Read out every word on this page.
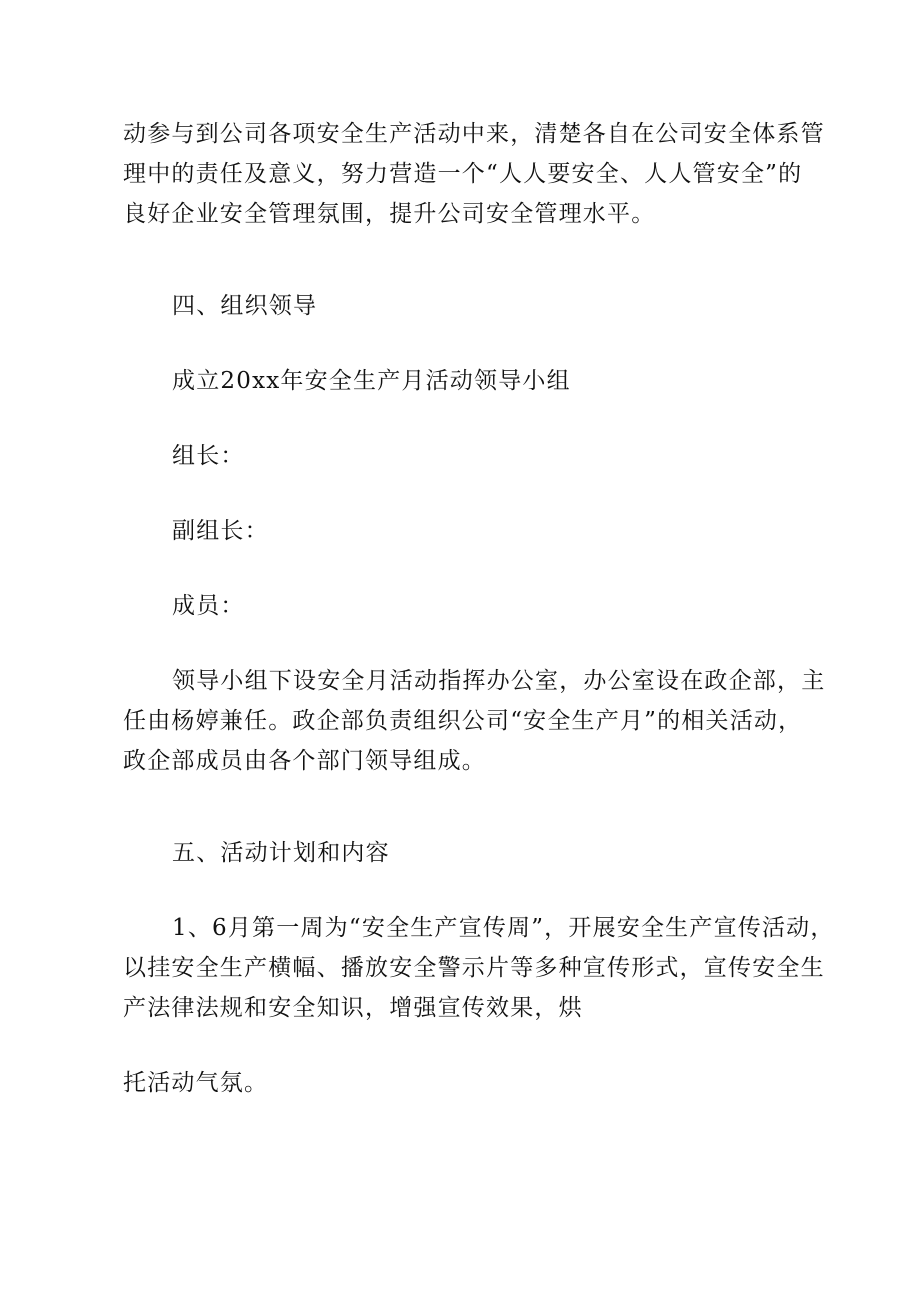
动参与到公司各项安全生产活动中来，清楚各自在公司安全体系管
理中的责任及意义，努力营造一个“人人要安全、人人管安全”的
良好企业安全管理氛围，提升公司安全管理水平。

四、组织领导

成立20xx年安全生产月活动领导小组

组长：

副组长：

成员：

领导小组下设安全月活动指挥办公室，办公室设在政企部，主
任由杨婷兼任。政企部负责组织公司“安全生产月”的相关活动，
政企部成员由各个部门领导组成。

五、活动计划和内容

1、6月第一周为“安全生产宣传周”，开展安全生产宣传活动，
以挂安全生产横幅、播放安全警示片等多种宣传形式，宣传安全生
产法律法规和安全知识，增强宣传效果，烘

托活动气氛。
